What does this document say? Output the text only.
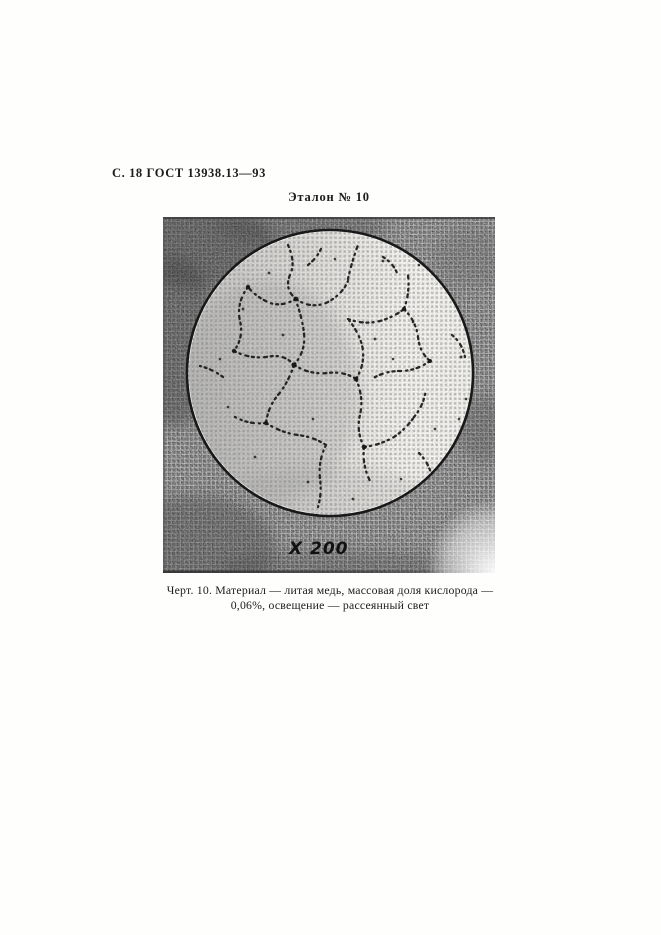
С. 18 ГОСТ 13938.13—93
Эталон № 10
X 200
Черт. 10. Материал — литая медь, массовая доля кислорода —
0,06%, освещение — рассеянный свет
